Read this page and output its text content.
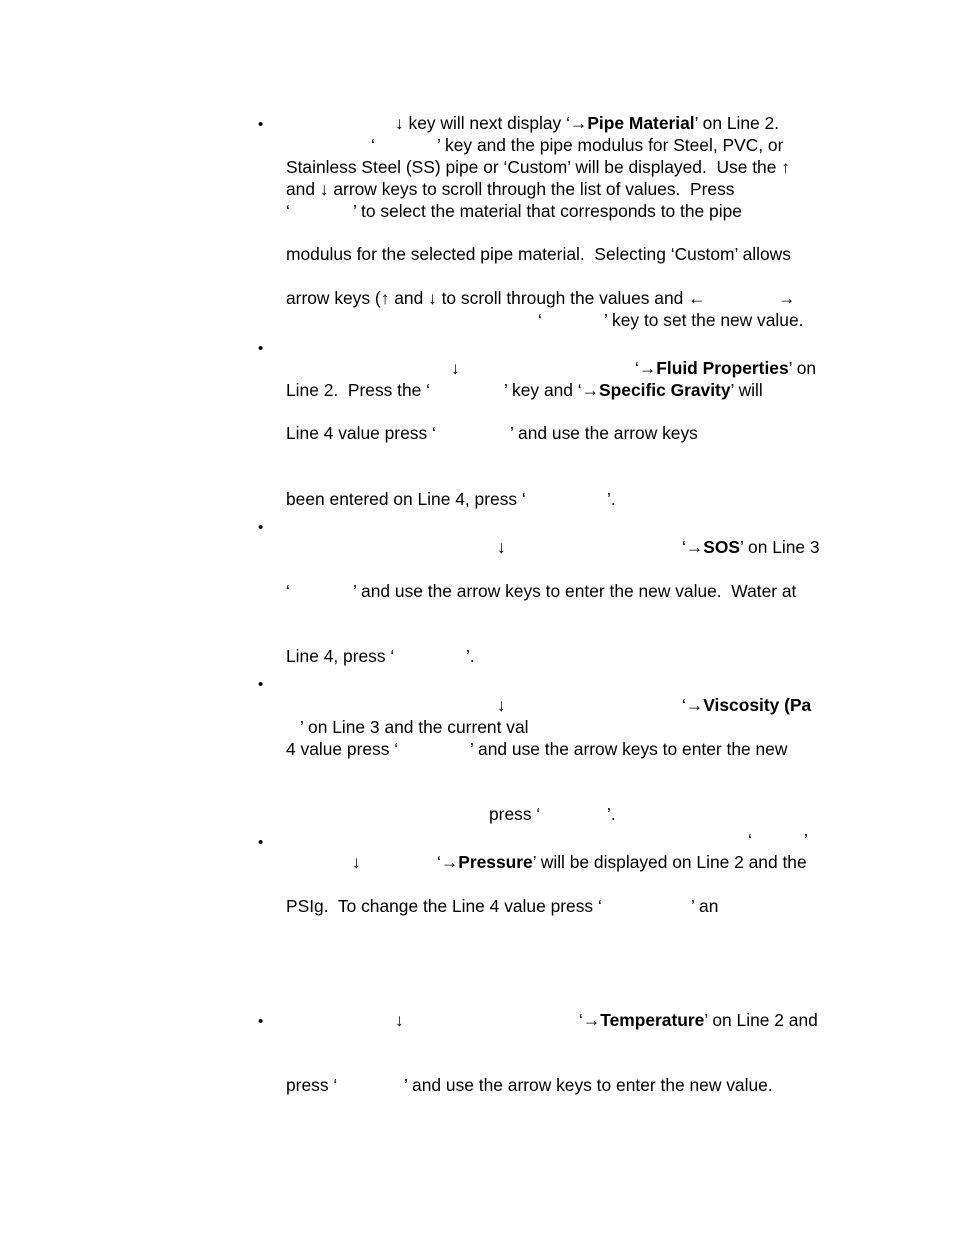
•
•
•
•
•
•
↓ key will next display ‘→Pipe Material’ on Line 2.
‘	’ key and the pipe modulus for Steel, PVC, or
Stainless Steel (SS) pipe or ‘Custom’ will be displayed.  Use the ↑
and ↓ arrow keys to scroll through the list of values.  Press
‘	’ to select the material that corresponds to the pipe
modulus for the selected pipe material.  Selecting ‘Custom’ allows
arrow keys (↑ and ↓ to scroll through the values and ←	→
‘	’ key to set the new value.
↓	‘→Fluid Properties’ on
Line 2.  Press the ‘	’ key and ‘→Specific Gravity’ will
Line 4 value press ‘	’ and use the arrow keys
been entered on Line 4, press ‘	’.
↓	‘→SOS’ on Line 3
‘	’ and use the arrow keys to enter the new value.  Water at
Line 4, press ‘	’.
↓	‘→Viscosity (Pa
’ on Line 3 and the current val
4 value press ‘	’ and use the arrow keys to enter the new
press ‘	’.
‘	’
↓	‘→Pressure’ will be displayed on Line 2 and the
PSIg.  To change the Line 4 value press ‘	’ an
↓	‘→Temperature’ on Line 2 and
press ‘	’ and use the arrow keys to enter the new value.
